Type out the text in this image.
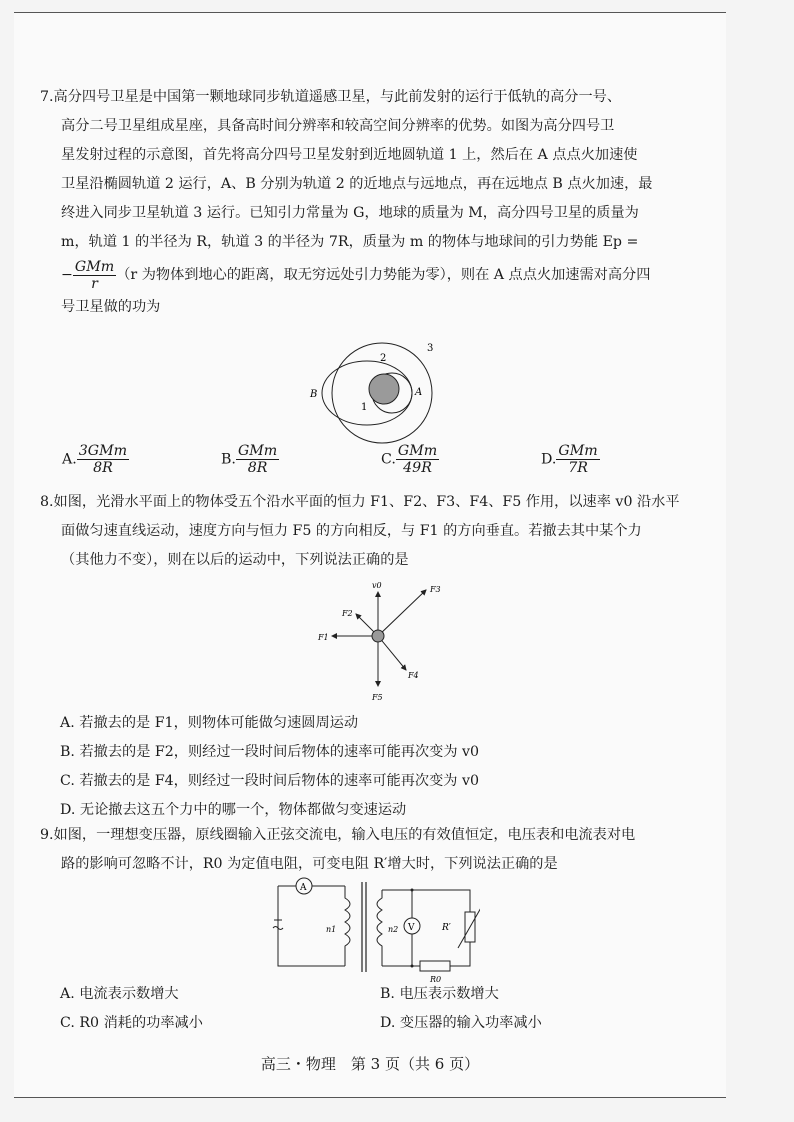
7.高分四号卫星是中国第一颗地球同步轨道遥感卫星，与此前发射的运行于低轨的高分一号、

高分二号卫星组成星座，具备高时间分辨率和较高空间分辨率的优势。如图为高分四号卫

星发射过程的示意图，首先将高分四号卫星发射到近地圆轨道 1 上，然后在 A 点点火加速使

卫星沿椭圆轨道 2 运行，A、B 分别为轨道 2 的近地点与远地点，再在远地点 B 点火加速，最

终进入同步卫星轨道 3 运行。已知引力常量为 G，地球的质量为 M，高分四号卫星的质量为

m，轨道 1 的半径为 R，轨道 3 的半径为 7R，质量为 m 的物体与地球间的引力势能 Ep =

− $\frac{\text{GMm}}{r} (r$ 为物体到地心的距离，取无穷远处引力势能为零），则在 A 点点火加速需对高分四

号卫星做的功为

B	A
1
2
3
A. $\frac{\text{3GMm}}{8R}$	B. $\frac{\text{GMm}}{8R}$	C. $\frac{\text{GMm}}{49R}$	D. $\frac{\text{GMm}}{7R}$

8.如图，光滑水平面上的物体受五个沿水平面的恒力 F1、F2、F3、F4、F5 作用，以速率 v0 沿水平

面做匀速直线运动，速度方向与恒力 F5 的方向相反，与 F1 的方向垂直。若撤去其中某个力

（其他力不变），则在以后的运动中，下列说法正确的是

v0	F3
F2
F1
F4
F5

A. 若撤去的是 F1，则物体可能做匀速圆周运动

B. 若撤去的是 F2，则经过一段时间后物体的速率可能再次变为 v0

C. 若撤去的是 F4，则经过一段时间后物体的速率可能再次变为 v0

D. 无论撤去这五个力中的哪一个，物体都做匀变速运动

9.如图，一理想变压器，原线圈输入正弦交流电，输入电压的有效值恒定，电压表和电流表对电

路的影响可忽略不计，R0 为定值电阻，可变电阻 R′增大时，下列说法正确的是

A
n1	n2 V	R′
R0
A. 电流表示数增大	B. 电压表示数增大
C. R0 消耗的功率减小	D. 变压器的输入功率减小
高三・物理　第 3 页（共 6 页）
